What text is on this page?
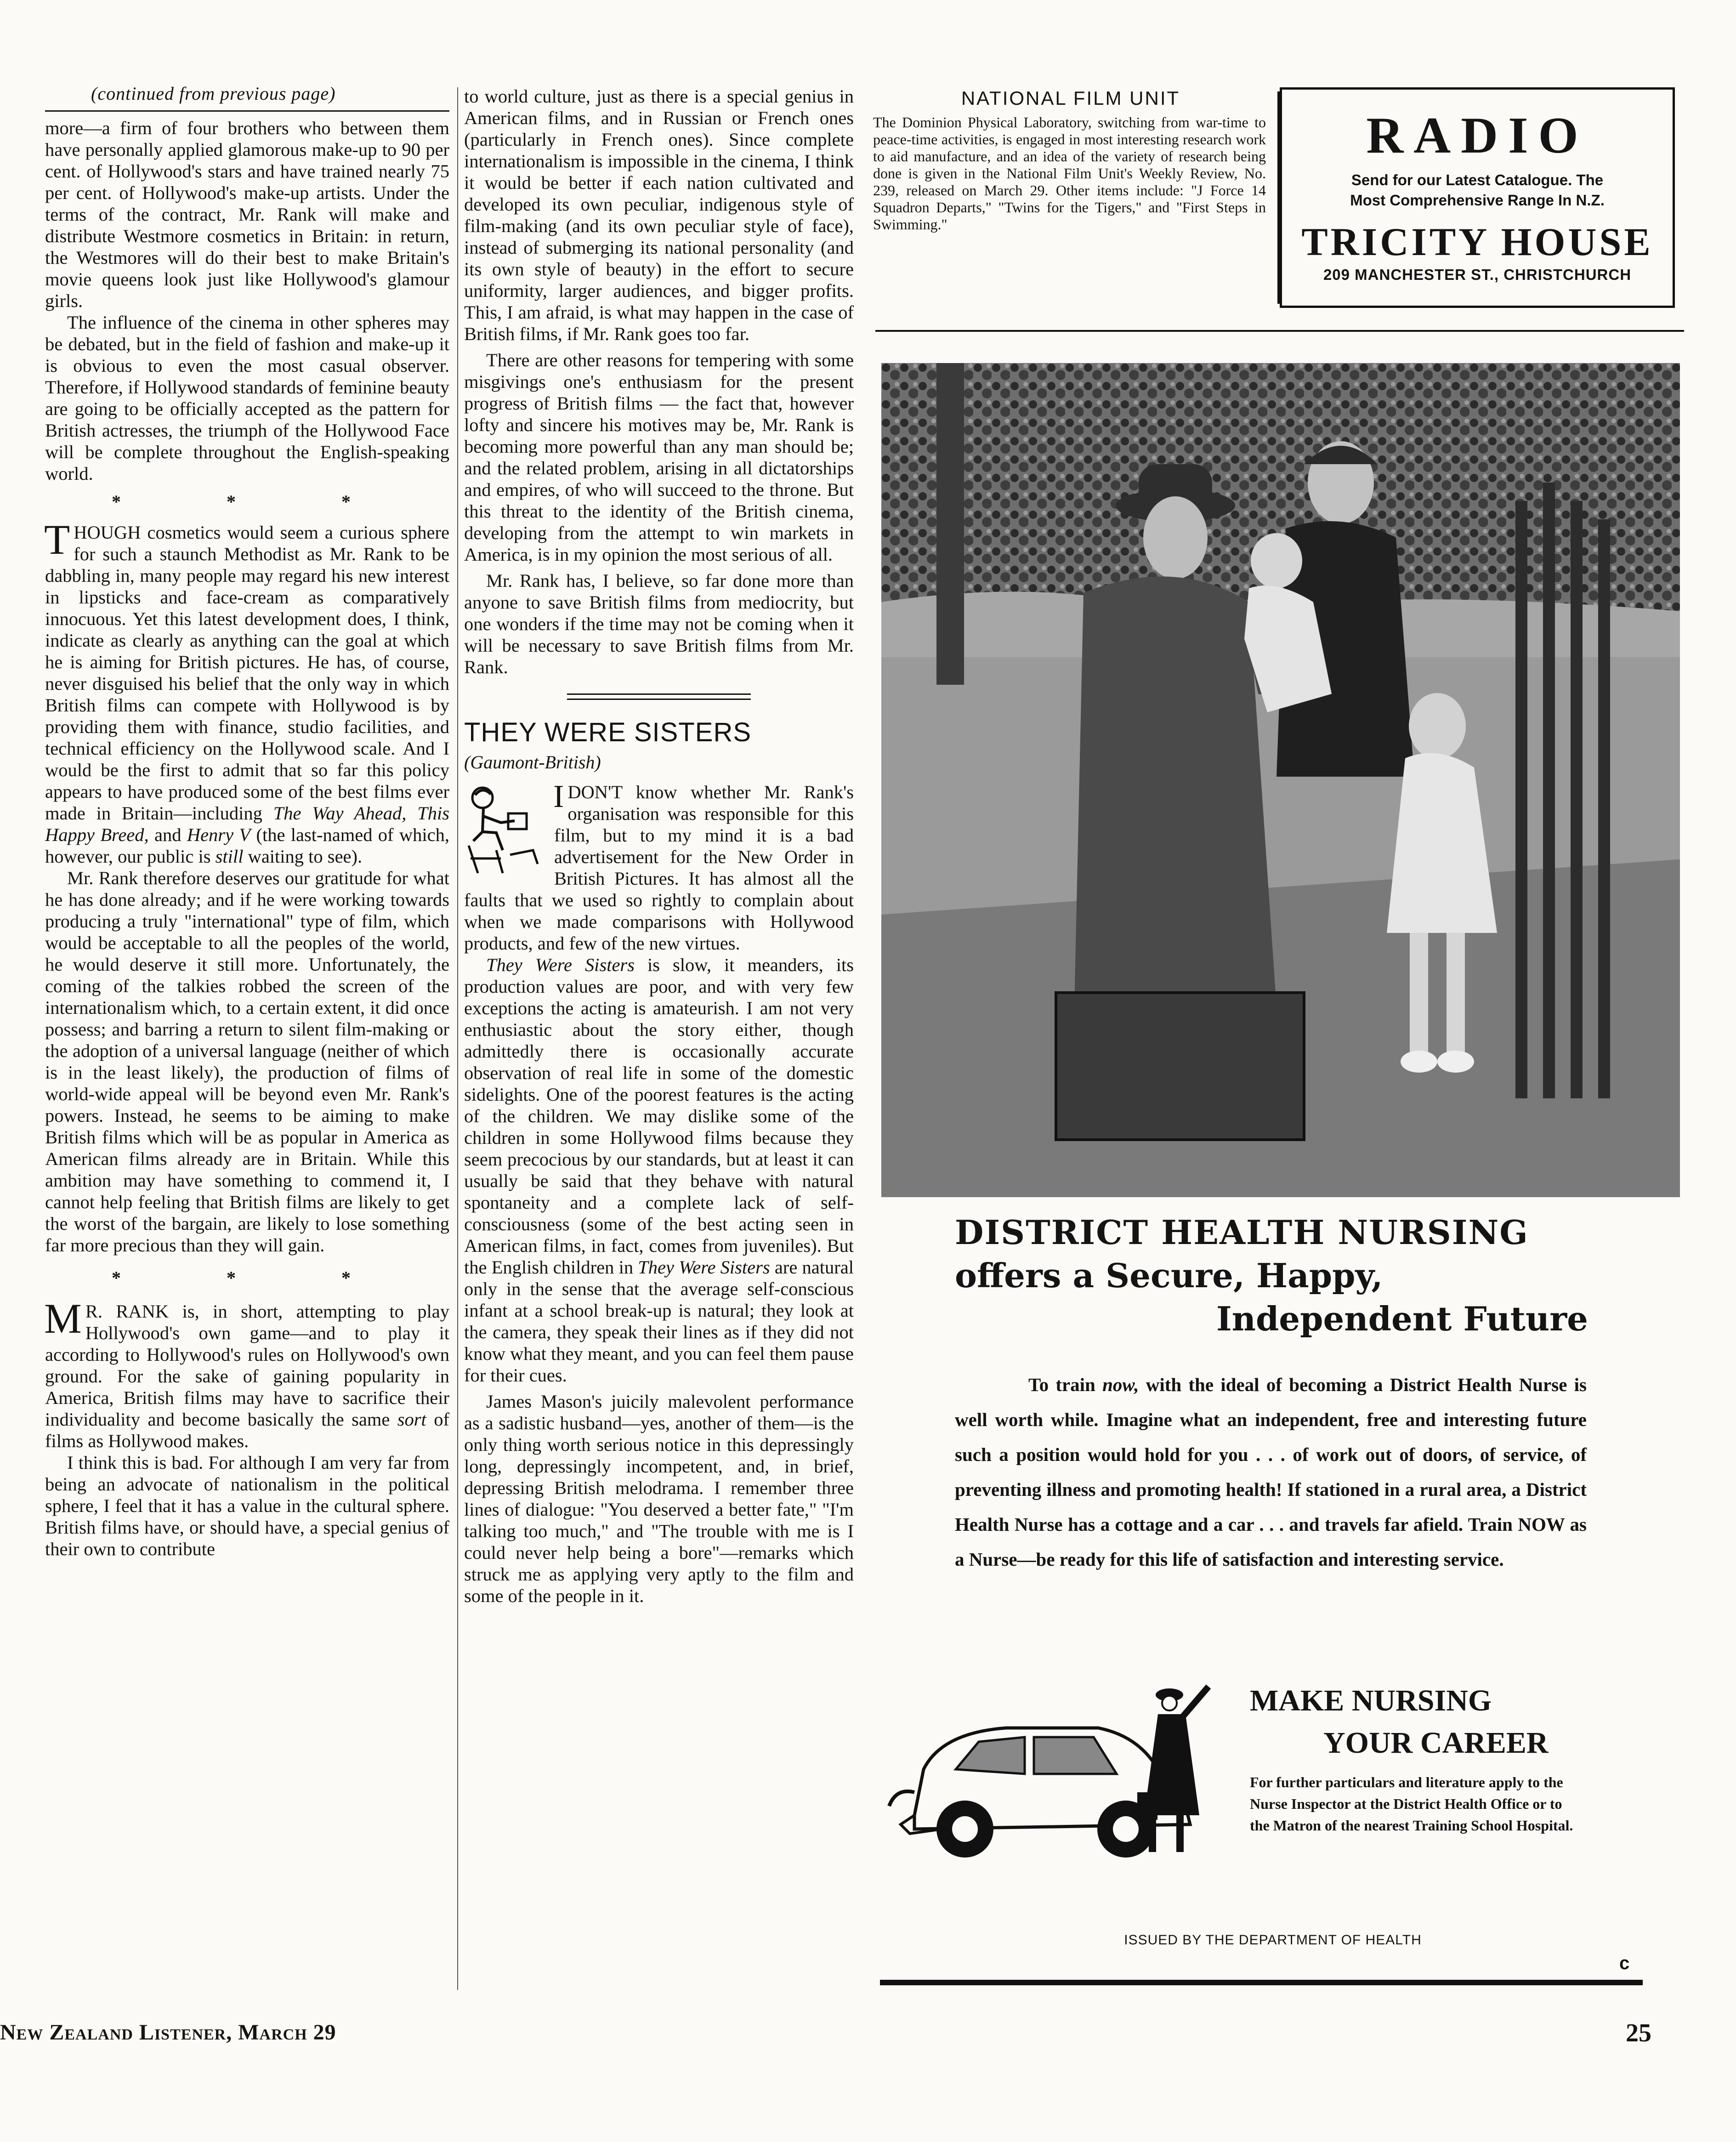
(continued from previous page)

more—a firm of four brothers who between them have personally applied glamorous make-up to 90 per cent. of Hollywood's stars and have trained nearly 75 per cent. of Hollywood's make-up artists. Under the terms of the contract, Mr. Rank will make and distribute Westmore cosmetics in Britain: in return, the Westmores will do their best to make Britain's movie queens look just like Hollywood's glamour girls.

The influence of the cinema in other spheres may be debated, but in the field of fashion and make-up it is obvious to even the most casual observer. Therefore, if Hollywood standards of feminine beauty are going to be officially accepted as the pattern for British actresses, the triumph of the Hollywood Face will be complete throughout the English-speaking world.

* * *

THOUGH cosmetics would seem a curious sphere for such a staunch Methodist as Mr. Rank to be dabbling in, many people may regard his new interest in lipsticks and face-cream as comparatively innocuous. Yet this latest development does, I think, indicate as clearly as anything can the goal at which he is aiming for British pictures. He has, of course, never disguised his belief that the only way in which British films can compete with Hollywood is by providing them with finance, studio facilities, and technical efficiency on the Hollywood scale. And I would be the first to admit that so far this policy appears to have produced some of the best films ever made in Britain—including The Way Ahead, This Happy Breed, and Henry V (the last-named of which, however, our public is still waiting to see).

Mr. Rank therefore deserves our gratitude for what he has done already; and if he were working towards producing a truly "international" type of film, which would be acceptable to all the peoples of the world, he would deserve it still more. Unfortunately, the coming of the talkies robbed the screen of the internationalism which, to a certain extent, it did once possess; and barring a return to silent film-making or the adoption of a universal language (neither of which is in the least likely), the production of films of world-wide appeal will be beyond even Mr. Rank's powers. Instead, he seems to be aiming to make British films which will be as popular in America as American films already are in Britain. While this ambition may have something to commend it, I cannot help feeling that British films are likely to get the worst of the bargain, are likely to lose something far more precious than they will gain.

* * *

M R. RANK is, in short, attempting to play Hollywood's own game—and to play it according to Hollywood's rules on Hollywood's own ground. For the sake of gaining popularity in America, British films may have to sacrifice their individuality and become basically the same sort of films as Hollywood makes.

I think this is bad. For although I am very far from being an advocate of nationalism in the political sphere, I feel that it has a value in the cultural sphere. British films have, or should have, a special genius of their own to contribute

to world culture, just as there is a special genius in American films, and in Russian or French ones (particularly in French ones). Since complete internationalism is impossible in the cinema, I think it would be better if each nation cultivated and developed its own peculiar, indigenous style of film-making (and its own peculiar style of face), instead of submerging its national personality (and its own style of beauty) in the effort to secure uniformity, larger audiences, and bigger profits. This, I am afraid, is what may happen in the case of British films, if Mr. Rank goes too far.

There are other reasons for tempering with some misgivings one's enthusiasm for the present progress of British films — the fact that, however lofty and sincere his motives may be, Mr. Rank is becoming more powerful than any man should be; and the related problem, arising in all dictatorships and empires, of who will succeed to the throne. But this threat to the identity of the British cinema, developing from the attempt to win markets in America, is in my opinion the most serious of all.

Mr. Rank has, I believe, so far done more than anyone to save British films from mediocrity, but one wonders if the time may not be coming when it will be necessary to save British films from Mr. Rank.

THEY WERE SISTERS
(Gaumont-British)

I DON'T know whether Mr. Rank's organisation was responsible for this film, but to my mind it is a bad advertisement for the New Order in British Pictures. It has almost all the faults that we used so rightly to complain about when we made comparisons with Hollywood products, and few of the new virtues.

They Were Sisters is slow, it meanders, its production values are poor, and with very few exceptions the acting is amateurish. I am not very enthusiastic about the story either, though admittedly there is occasionally accurate observation of real life in some of the domestic sidelights. One of the poorest features is the acting of the children. We may dislike some of the children in some Hollywood films because they seem precocious by our standards, but at least it can usually be said that they behave with natural spontaneity and a complete lack of self-consciousness (some of the best acting seen in American films, in fact, comes from juveniles). But the English children in They Were Sisters are natural only in the sense that the average self-conscious infant at a school break-up is natural; they look at the camera, they speak their lines as if they did not know what they meant, and you can feel them pause for their cues.

James Mason's juicily malevolent performance as a sadistic husband—yes, another of them—is the only thing worth serious notice in this depressingly long, depressingly incompetent, and, in brief, depressing British melodrama. I remember three lines of dialogue: "You deserved a better fate," "I'm talking too much," and "The trouble with me is I could never help being a bore"—remarks which struck me as applying very aptly to the film and some of the people in it.

NATIONAL FILM UNIT
The Dominion Physical Laboratory, switching from war-time to peace-time activities, is engaged in most interesting research work to aid manufacture, and an idea of the variety of research being done is given in the National Film Unit's Weekly Review, No. 239, released on March 29. Other items include: "J Force 14 Squadron Departs," "Twins for the Tigers," and "First Steps in Swimming."
RADIO
Send for our Latest Catalogue. The
Most Comprehensive Range In N.Z.
TRICITY HOUSE
209 MANCHESTER ST., CHRISTCHURCH
DISTRICT HEALTH NURSING
offers a Secure, Happy,
Independent Future
To train now, with the ideal of becoming a District Health Nurse is well worth while. Imagine what an independent, free and interesting future such a position would hold for you . . . of work out of doors, of service, of preventing illness and promoting health! If stationed in a rural area, a District Health Nurse has a cottage and a car . . . and travels far afield. Train NOW as a Nurse—be ready for this life of satisfaction and interesting service.
MAKE NURSING
YOUR CAREER
For further particulars and literature apply to the Nurse Inspector at the District Health Office or to the Matron of the nearest Training School Hospital.
ISSUED BY THE DEPARTMENT OF HEALTH
c
New Zealand Listener, March 29	25
